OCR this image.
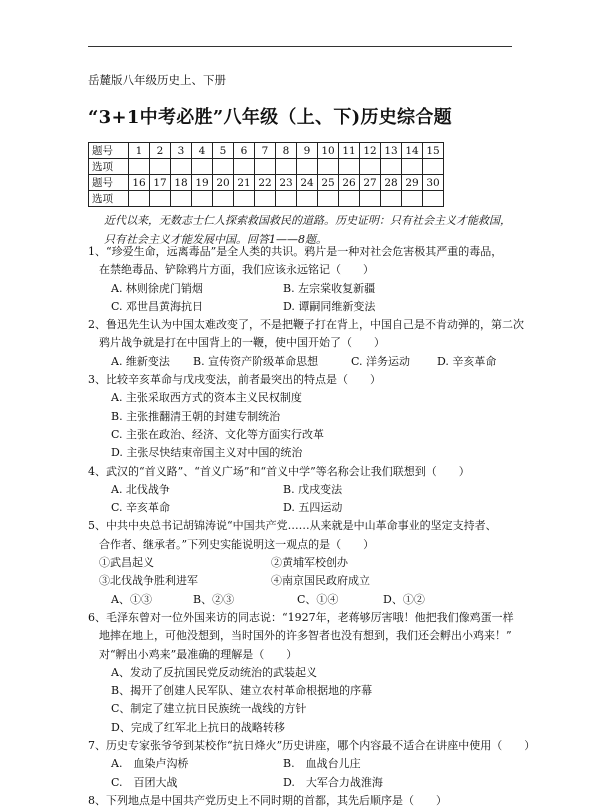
岳麓版八年级历史上、下册
“3+1中考必胜”八年级（上、下)历史综合题
题号	1	2	3	4	5	6	7	8	9	10	11	12	13	14	15
选项															
题号	16	17	18	19	20	21	22	23	24	25	26	27	28	29	30
选项															
近代以来，无数志士仁人探索救国救民的道路。历史证明：只有社会主义才能救国，
只有社会主义才能发展中国。回答1——8题。
1、“珍爱生命，远离毒品”是全人类的共识。鸦片是一种对社会危害极其严重的毒品，
在禁绝毒品、铲除鸦片方面，我们应该永远铭记（　　）
A. 林则徐虎门销烟	B. 左宗棠收复新疆
C. 邓世昌黄海抗日	D. 谭嗣同维新变法
2、鲁迅先生认为中国太难改变了，不是把鞭子打在背上，中国自己是不肯动弹的，第二次
鸦片战争就是打在中国背上的一鞭，使中国开始了（　　）
A. 维新变法 B. 宣传资产阶级革命思想	C. 洋务运动 D. 辛亥革命
3、比较辛亥革命与戊戌变法，前者最突出的特点是（　　）
A. 主张采取西方式的资本主义民权制度
B. 主张推翻清王朝的封建专制统治
C. 主张在政治、经济、文化等方面实行改革
D. 主张尽快结束帝国主义对中国的统治
4、武汉的“首义路”、“首义广场”和“首义中学”等名称会让我们联想到（　　）
A. 北伐战争	B. 戊戌变法
C. 辛亥革命	D. 五四运动
5、中共中央总书记胡锦涛说“中国共产党……从来就是中山革命事业的坚定支持者、
合作者、继承者。”下列史实能说明这一观点的是（　　）
①武昌起义	②黄埔军校创办
③北伐战争胜利进军	④南京国民政府成立
A、①③	B、②③	C、①④	D、①②
6、毛泽东曾对一位外国来访的同志说：“1927年，老蒋够厉害哦！他把我们像鸡蛋一样
地摔在地上，可他没想到，当时国外的许多智者也没有想到，我们还会孵出小鸡来！”
对“孵出小鸡来”最准确的理解是（　　）
A、发动了反抗国民党反动统治的武装起义
B、揭开了创建人民军队、建立农村革命根据地的序幕
C、制定了建立抗日民族统一战线的方针
D、完成了红军北上抗日的战略转移
7、历史专家张爷爷到某校作“抗日烽火”历史讲座，哪个内容最不适合在讲座中使用（　　）
A.　血染卢沟桥	B.　血战台儿庄
C.　百团大战	D.　大军合力战淮海
8、下列地点是中国共产党历史上不同时期的首都，其先后顺序是（　　）
